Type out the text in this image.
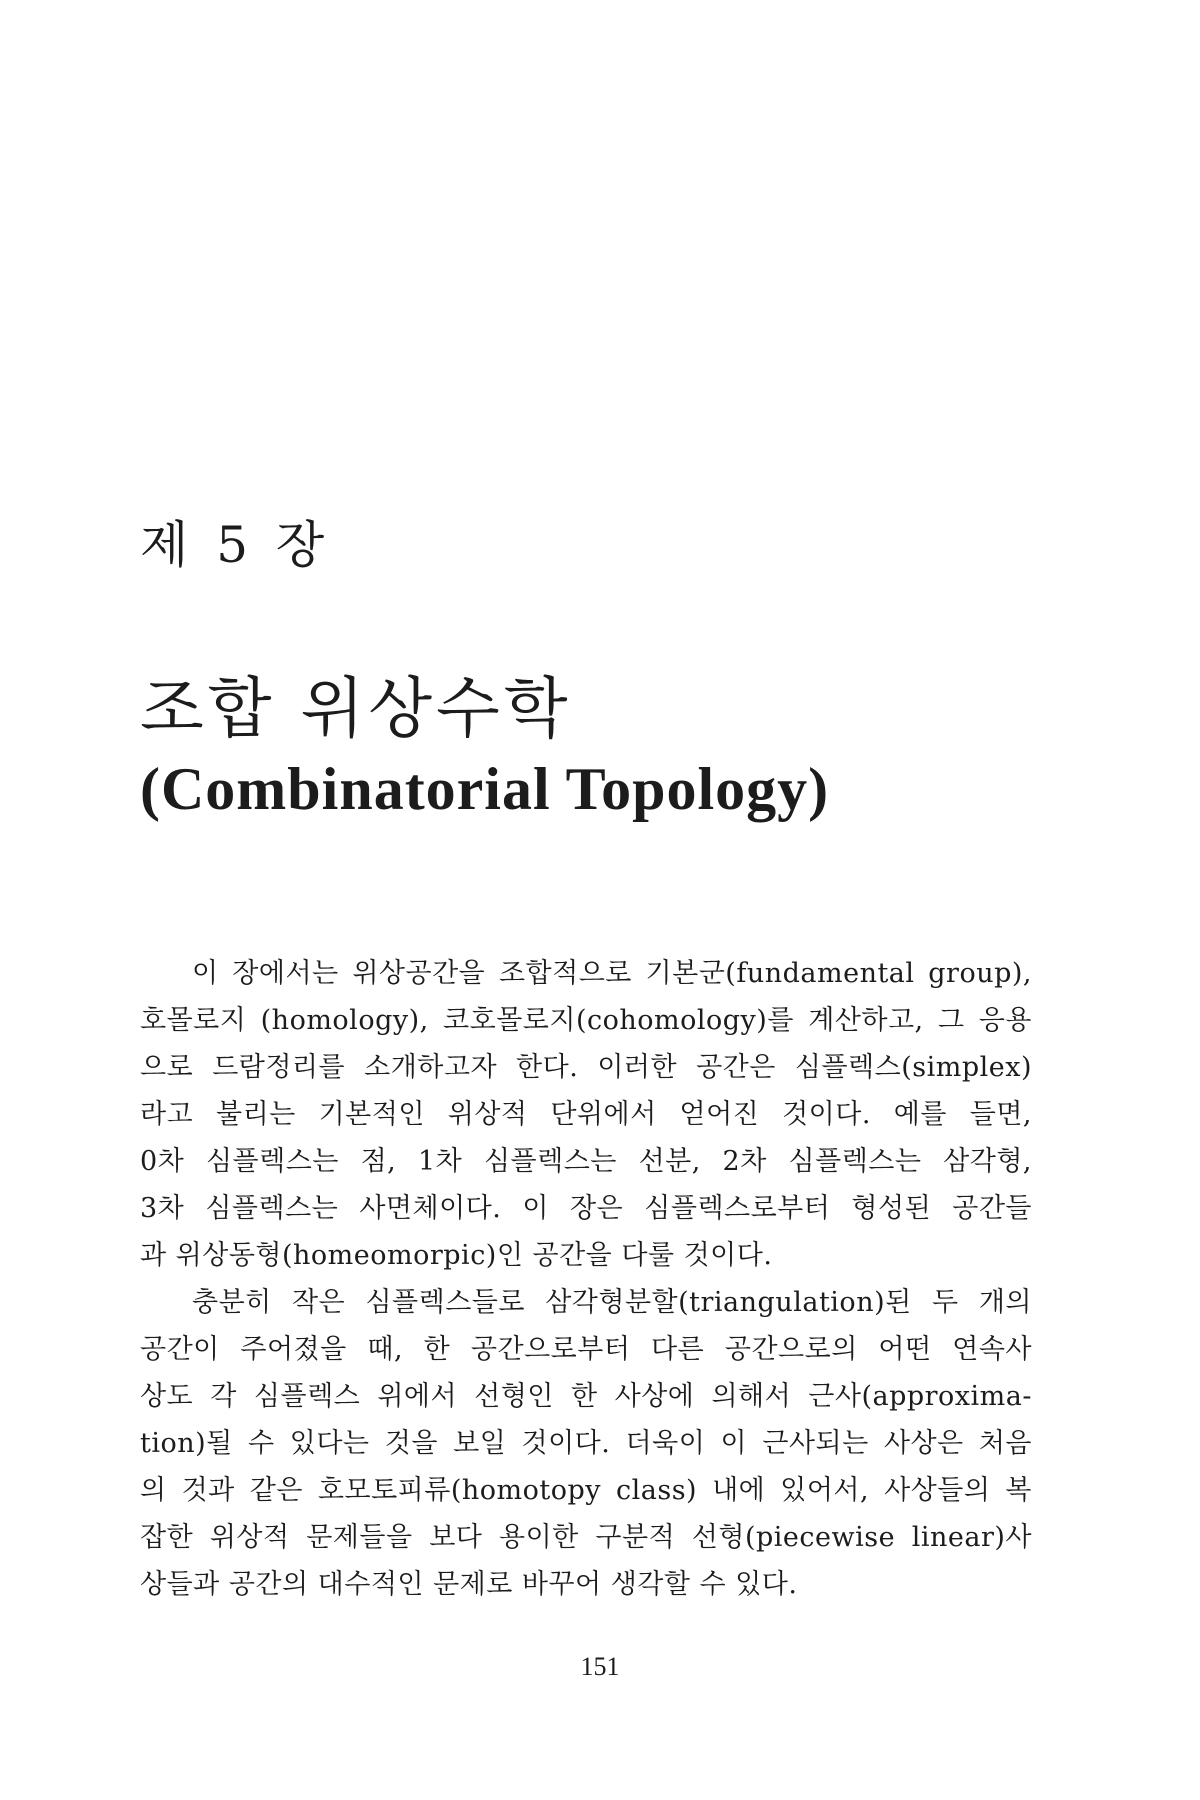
제 5 장
조합 위상수학
(Combinatorial Topology)
이 장에서는 위상공간을 조합적으로 기본군(fundamental group),
호몰로지 (homology), 코호몰로지(cohomology)를 계산하고, 그 응용
으로 드람정리를 소개하고자 한다. 이러한 공간은 심플렉스(simplex)
라고 불리는 기본적인 위상적 단위에서 얻어진 것이다. 예를 들면,
0차 심플렉스는 점, 1차 심플렉스는 선분, 2차 심플렉스는 삼각형,
3차 심플렉스는 사면체이다. 이 장은 심플렉스로부터 형성된 공간들
과 위상동형(homeomorpic)인 공간을 다룰 것이다.
충분히 작은 심플렉스들로 삼각형분할(triangulation)된 두 개의
공간이 주어졌을 때, 한 공간으로부터 다른 공간으로의 어떤 연속사
상도 각 심플렉스 위에서 선형인 한 사상에 의해서 근사(approxima-
tion)될 수 있다는 것을 보일 것이다. 더욱이 이 근사되는 사상은 처음
의 것과 같은 호모토피류(homotopy class) 내에 있어서, 사상들의 복
잡한 위상적 문제들을 보다 용이한 구분적 선형(piecewise linear)사
상들과 공간의 대수적인 문제로 바꾸어 생각할 수 있다.

151
